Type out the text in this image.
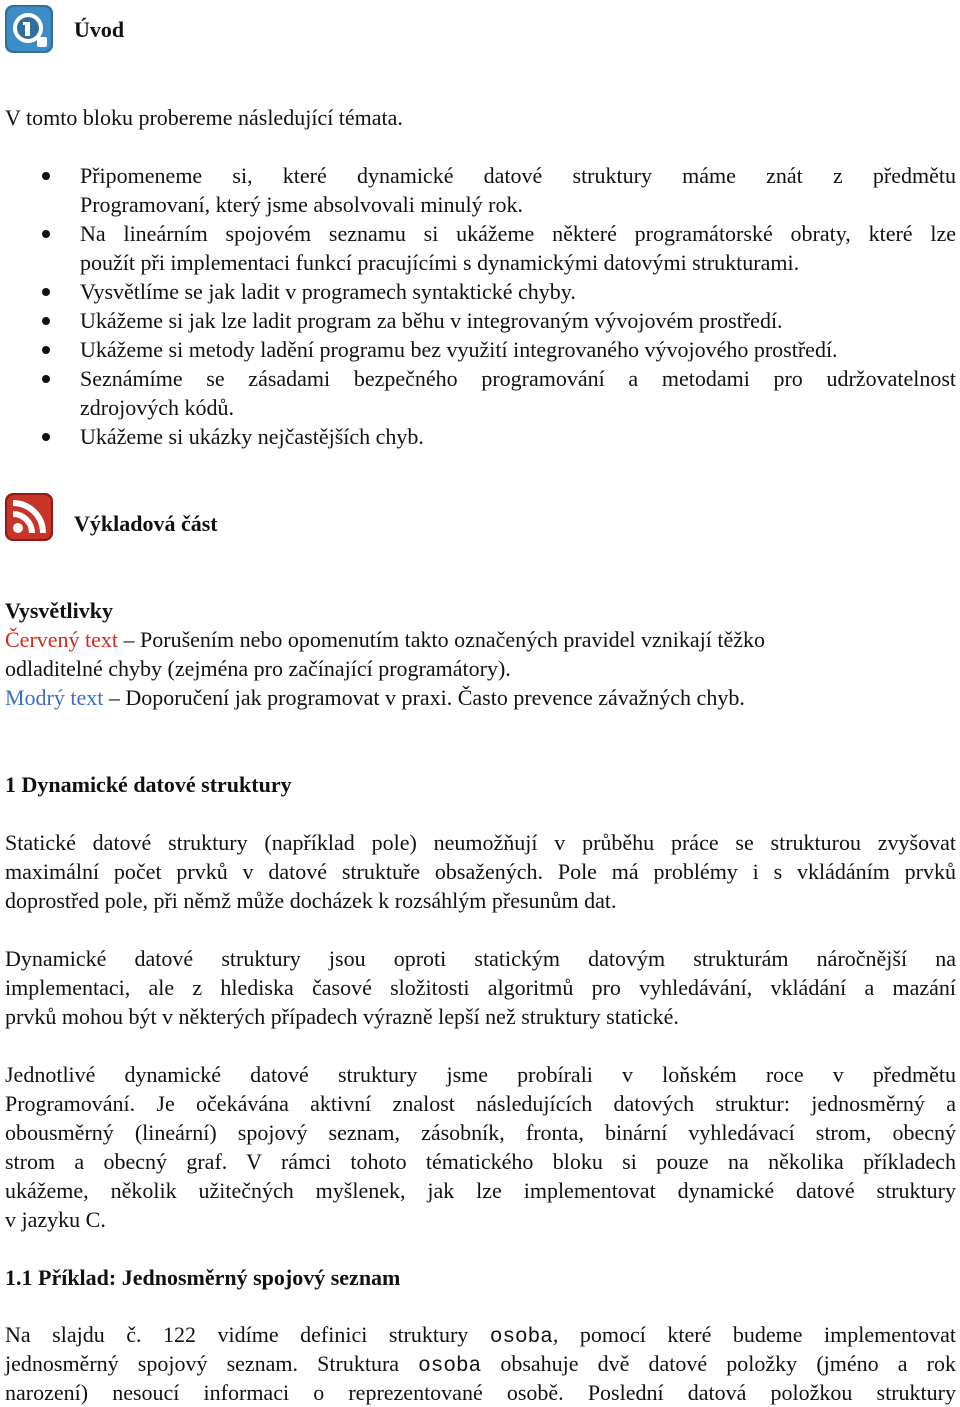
Úvod
V tomto bloku probereme následující témata.
Připomeneme si, které dynamické datové struktury máme znát z předmětu
Programovaní, který jsme absolvovali minulý rok.
Na lineárním spojovém seznamu si ukážeme některé programátorské obraty, které lze
použít při implementaci funkcí pracujícími s dynamickými datovými strukturami.
Vysvětlíme se jak ladit v programech syntaktické chyby.
Ukážeme si jak lze ladit program za běhu v integrovaným vývojovém prostředí.
Ukážeme si metody ladění programu bez využití integrovaného vývojového prostředí.
Seznámíme se zásadami bezpečného programování a metodami pro udržovatelnost
zdrojových kódů.
Ukážeme si ukázky nejčastějších chyb.
Výkladová část
Vysvětlivky
Červený text – Porušením nebo opomenutím takto označených pravidel vznikají těžko
odladitelné chyby (zejména pro začínající programátory).
Modrý text – Doporučení jak programovat v praxi. Často prevence závažných chyb.
1 Dynamické datové struktury
Statické datové struktury (například pole) neumožňují v průběhu práce se strukturou zvyšovat
maximální počet prvků v datové struktuře obsažených. Pole má problémy i s vkládáním prvků
doprostřed pole, při němž může docházek k rozsáhlým přesunům dat.
Dynamické datové struktury jsou oproti statickým datovým strukturám náročnější na
implementaci, ale z hlediska časové složitosti algoritmů pro vyhledávání, vkládání a mazání
prvků mohou být v některých případech výrazně lepší než struktury statické.
Jednotlivé dynamické datové struktury jsme probírali v loňském roce v předmětu
Programování. Je očekávána aktivní znalost následujících datových struktur: jednosměrný a
obousměrný (lineární) spojový seznam, zásobník, fronta, binární vyhledávací strom, obecný
strom a obecný graf. V rámci tohoto tématického bloku si pouze na několika příkladech
ukážeme, několik užitečných myšlenek, jak lze implementovat dynamické datové struktury
v jazyku C.
1.1 Příklad: Jednosměrný spojový seznam
Na slajdu č. 122 vidíme definici struktury osoba, pomocí které budeme implementovat
jednosměrný spojový seznam. Struktura osoba obsahuje dvě datové položky (jméno a rok
narození) nesoucí informaci o reprezentované osobě. Poslední datová položkou struktury
